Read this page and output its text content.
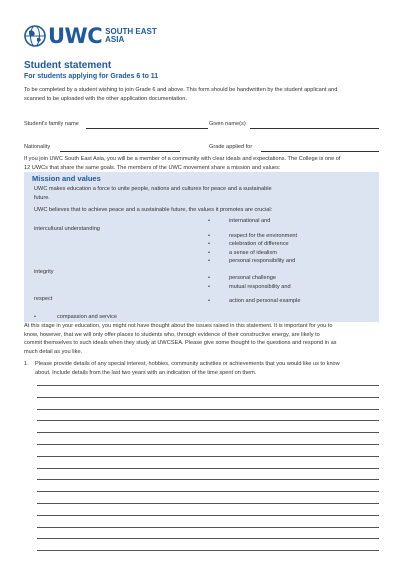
UWC SOUTH EAST
ASIA
Student statement
For students applying for Grades 6 to 11
To be completed by a student wishing to join Grade 6 and above. This form should be handwritten by the student applicant and
scanned to be uploaded with the other application documentation.
Student's family name	Given name(s)
Nationality	Grade applied for
If you join UWC South East Asia, you will be a member of a community with clear ideals and expectations. The College is one of
12 UWCs that share the same goals. The members of the UWC movement share a mission and values:
Mission and values
UWC makes education a force to unite people, nations and cultures for peace and a sustainable
future.
UWC believes that to achieve peace and a sustainable future, the values it promotes are crucial:
intercultural understanding
integrity
respect
•	compassion and service
•	international and
•	respect for the environment
•	celebration of difference
•	a sense of idealism
•	personal responsibility and
•	personal challenge
•	mutual responsibility and
•	action and personal example
At this stage in your education, you might not have thought about the issues raised in this statement. It is important for you to
know, however, that we will only offer places to students who, through evidence of their constructive energy, are likely to
commit themselves to such ideals when they study at UWCSEA. Please give some thought to the questions and respond in as
much detail as you like.
1. Please provide details of any special interest, hobbies, community activities or achievements that you would like us to know
about. Include details from the last two years with an indication of the time spent on them.
